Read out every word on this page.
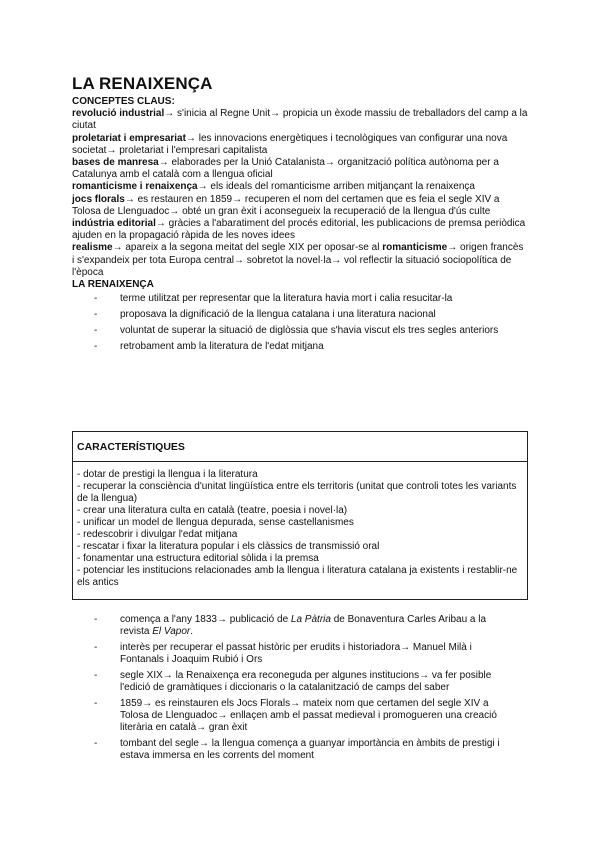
LA RENAIXENÇA
CONCEPTES CLAUS:
revolució industrial→ s'inicia al Regne Unit→ propicia un èxode massiu de treballadors del camp a la ciutat
proletariat i empresariat→ les innovacions energètiques i tecnològiques van configurar una nova societat→ proletariat i l'empresari capitalista
bases de manresa→ elaborades per la Unió Catalanista→ organització política autònoma per a Catalunya amb el català com a llengua oficial
romanticisme i renaixença→ els ideals del romanticisme arriben mitjançant la renaixença
jocs florals→ es restauren en 1859→ recuperen el nom del certamen que es feia el segle XIV a Tolosa de Llenguadoc→ obté un gran èxit i aconsegueix la recuperació de la llengua d'ús culte
indústria editorial→ gràcies a l'abaratiment del procés editorial, les publicacions de premsa periòdica ajuden en la propagació ràpida de les noves idees
realisme→ apareix a la segona meitat del segle XIX per oposar-se al romanticisme→ origen francès i s'expandeix per tota Europa central→ sobretot la novel·la→ vol reflectir la situació sociopolítica de l'època
LA RENAIXENÇA
- terme utilitzat per representar que la literatura havia mort i calia resucitar-la
- proposava la dignificació de la llengua catalana i una literatura nacional
- voluntat de superar la situació de diglòssia que s'havia viscut els tres segles anteriors
- retrobament amb la literatura de l'edat mitjana
CARACTERÍSTIQUES
- dotar de prestigi la llengua i la literatura
- recuperar la consciència d'unitat lingüística entre els territoris (unitat que controli totes les variants de la llengua)
- crear una literatura culta en català (teatre, poesia i novel·la)
- unificar un model de llengua depurada, sense castellanismes
- redescobrir i divulgar l'edat mitjana
- rescatar i fixar la literatura popular i els clàssics de transmissió oral
- fonamentar una estructura editorial sòlida i la premsa
- potenciar les institucions relacionades amb la llengua i literatura catalana ja existents i restablir-ne els antics
- comença a l'any 1833→ publicació de La Pàtria de Bonaventura Carles Aribau a la revista El Vapor.
- interès per recuperar el passat històric per erudits i historiadora→ Manuel Milà i Fontanals i Joaquim Rubió i Ors
- segle XIX→ la Renaixença era reconeguda per algunes institucions→ va fer posible l'edició de gramàtiques i diccionaris o la catalanització de camps del saber
- 1859→ es reinstauren els Jocs Florals→ mateix nom que certamen del segle XIV a Tolosa de Llenguadoc→ enllaçen amb el passat medieval i promogueren una creació literària en català→ gran èxit
- tombant del segle→ la llengua comença a guanyar importància en àmbits de prestigi i estava immersa en les corrents del moment
